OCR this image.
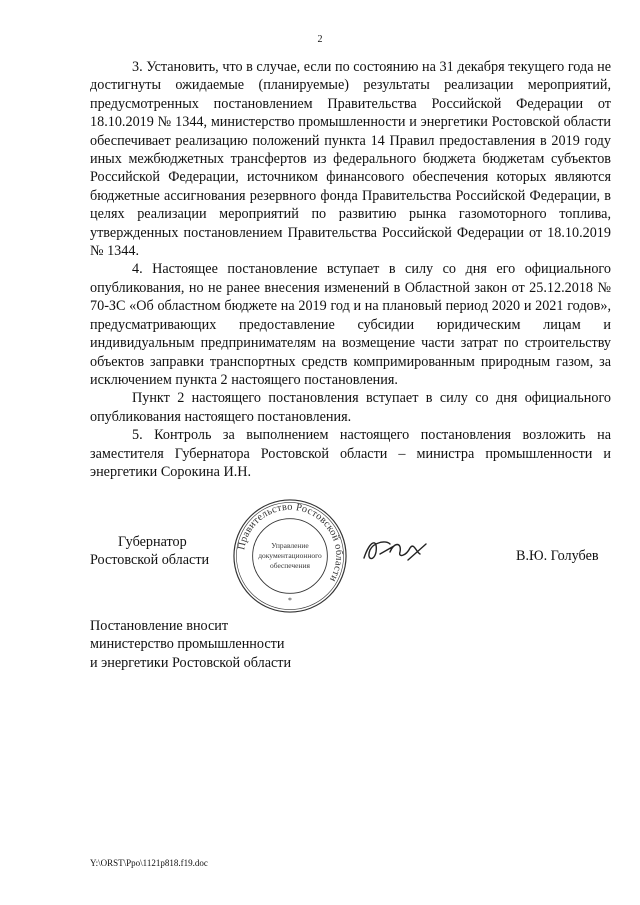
2

3. Установить, что в случае, если по состоянию на 31 декабря текущего года не достигнуты ожидаемые (планируемые) результаты реализации мероприятий, предусмотренных постановлением Правительства Российской Федерации от 18.10.2019 № 1344, министерство промышленности и энергетики Ростовской области обеспечивает реализацию положений пункта 14 Правил предоставления в 2019 году иных межбюджетных трансфертов из федерального бюджета бюджетам субъектов Российской Федерации, источником финансового обеспечения которых являются бюджетные ассигнования резервного фонда Правительства Российской Федерации, в целях реализации мероприятий по развитию рынка газомоторного топлива, утвержденных постановлением Правительства Российской Федерации от 18.10.2019 № 1344.

4. Настоящее постановление вступает в силу со дня его официального опубликования, но не ранее внесения изменений в Областной закон от 25.12.2018 № 70-ЗС «Об областном бюджете на 2019 год и на плановый период 2020 и 2021 годов», предусматривающих предоставление субсидии юридическим лицам и индивидуальным предпринимателям на возмещение части затрат по строительству объектов заправки транспортных средств компримированным природным газом, за исключением пункта 2 настоящего постановления.

Пункт 2 настоящего постановления вступает в силу со дня официального опубликования настоящего постановления.

5. Контроль за выполнением настоящего постановления возложить на заместителя Губернатора Ростовской области – министра промышленности и энергетики Сорокина И.Н.

Губернатор
Ростовской области
Правительство Ростовской области
Управление
документационного
обеспечения
*
В.Ю. Голубев
Постановление вносит
министерство промышленности
и энергетики Ростовской области
Y:\ORST\Ppo\1121p818.f19.doc
